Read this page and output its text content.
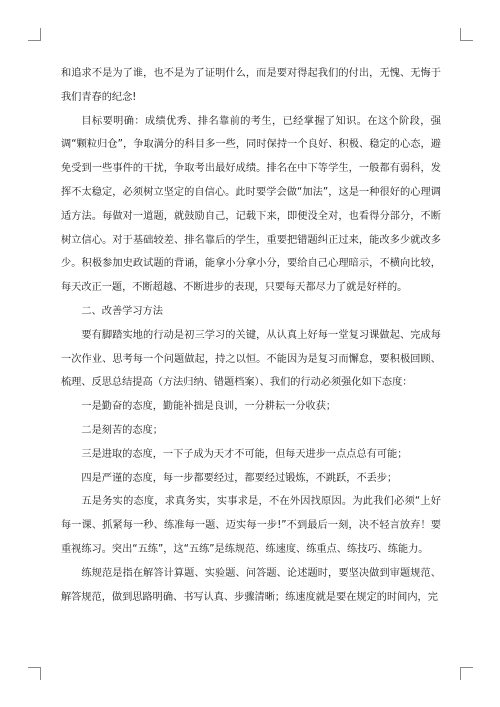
和追求不是为了谁，也不是为了证明什么，而是要对得起我们的付出，无愧、无悔于我们青春的纪念!

目标要明确：成绩优秀、排名靠前的考生，已经掌握了知识。在这个阶段，强调“颗粒归仓”，争取满分的科目多一些，同时保持一个良好、积极、稳定的心态，避免受到一些事件的干扰，争取考出最好成绩。排名在中下等学生，一般都有弱科，发挥不太稳定，必须树立坚定的自信心。此时要学会做“加法”，这是一种很好的心理调适方法。每做对一道题，就鼓励自己，记载下来，即便没全对，也看得分部分，不断树立信心。对于基础较差、排名靠后的学生，重要把错题纠正过来，能改多少就改多少。积极参加史政试题的背诵，能拿小分拿小分，要给自己心理暗示，不横向比较，每天改正一题，不断超越、不断进步的表现，只要每天都尽力了就是好样的。

二、改善学习方法

要有脚踏实地的行动是初三学习的关键，从认真上好每一堂复习课做起、完成每一次作业、思考每一个问题做起，持之以恒。不能因为是复习而懈怠，要积极回顾、梳理、反思总结提高（方法归纳、错题档案）、我们的行动必须强化如下态度：

一是勤奋的态度，勤能补拙是良训，一分耕耘一分收获；

二是刻苦的态度；

三是进取的态度，一下子成为天才不可能，但每天进步一点点总有可能；

四是严谨的态度，每一步都要经过，都要经过锻炼，不跳跃，不丢步；

五是务实的态度，求真务实，实事求是，不在外因找原因。为此我们必须“上好每一课、抓紧每一秒、练准每一题、迈实每一步!”不到最后一刻，决不轻言放弃！要重视练习。突出“五练”，这“五练”是练规范、练速度、练重点、练技巧、练能力。

练规范是指在解答计算题、实验题、问答题、论述题时，要坚决做到审题规范、解答规范，做到思路明确、书写认真、步骤清晰；练速度就是要在规定的时间内，完
